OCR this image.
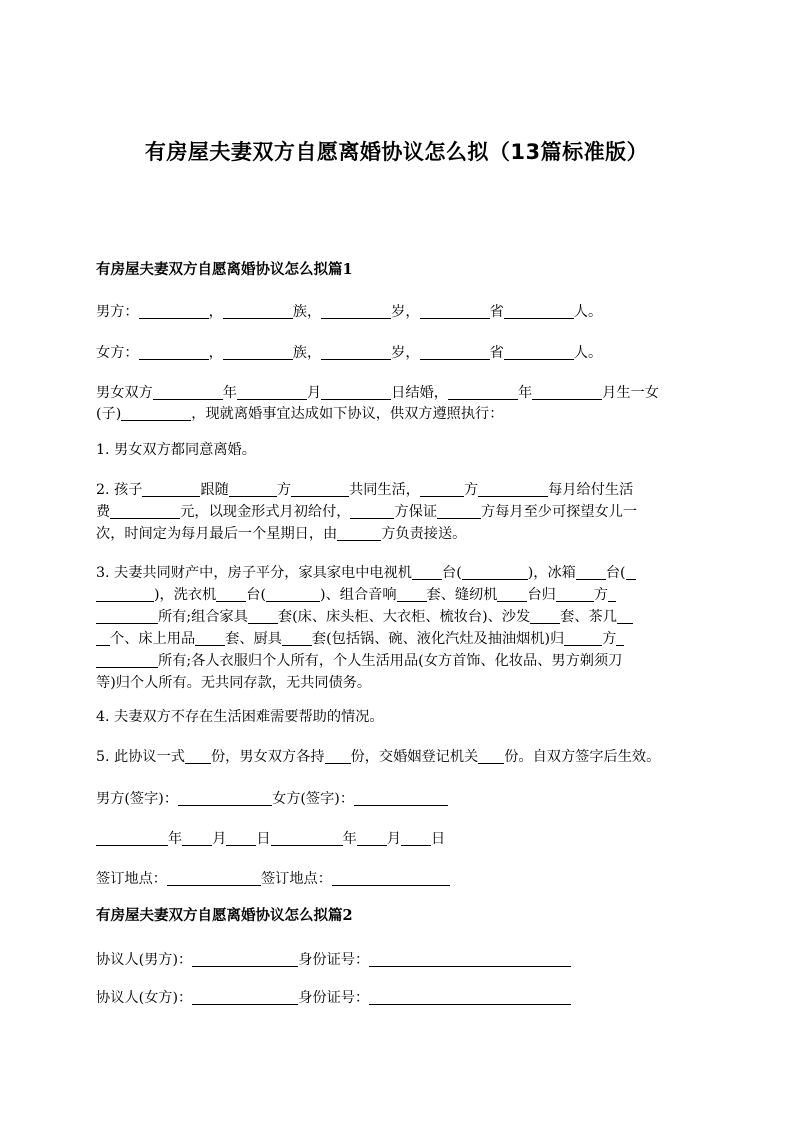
有房屋夫妻双方自愿离婚协议怎么拟（13篇标准版）
有房屋夫妻双方自愿离婚协议怎么拟篇1
男方：	，	族，	岁，	省	人。
女方：	，	族，	岁，	省	人。
男女双方	年	月	日结婚，	年	月生一女
(子)	，现就离婚事宜达成如下协议，供双方遵照执行：
1. 男女双方都同意离婚。
2. 孩子	跟随	方	共同生活，	方	每月给付生活
费	元，以现金形式月初给付，	方保证	方每月至少可探望女儿一
次，时间定为每月最后一个星期日，由	方负责接送。
3. 夫妻共同财产中，房子平分，家具家电中电视机 台(	)，冰箱 台(
)，洗衣机 台(	)、组合音响 套、缝纫机 台归	方
所有;组合家具 套(床、床头柜、大衣柜、梳妆台)、沙发 套、茶几
个、床上用品 套、厨具 套(包括锅、碗、液化汽灶及抽油烟机)归	方
所有;各人衣服归个人所有，个人生活用品(女方首饰、化妆品、男方剃须刀
等)归个人所有。无共同存款，无共同债务。
4. 夫妻双方不存在生活困难需要帮助的情况。
5. 此协议一式 份，男女双方各持 份，交婚姻登记机关 份。自双方签字后生效。
男方(签字)：	女方(签字)：
年 月 日	年 月 日
签订地点：	签订地点：
有房屋夫妻双方自愿离婚协议怎么拟篇2
协议人(男方)：	身份证号：
协议人(女方)：	身份证号：
